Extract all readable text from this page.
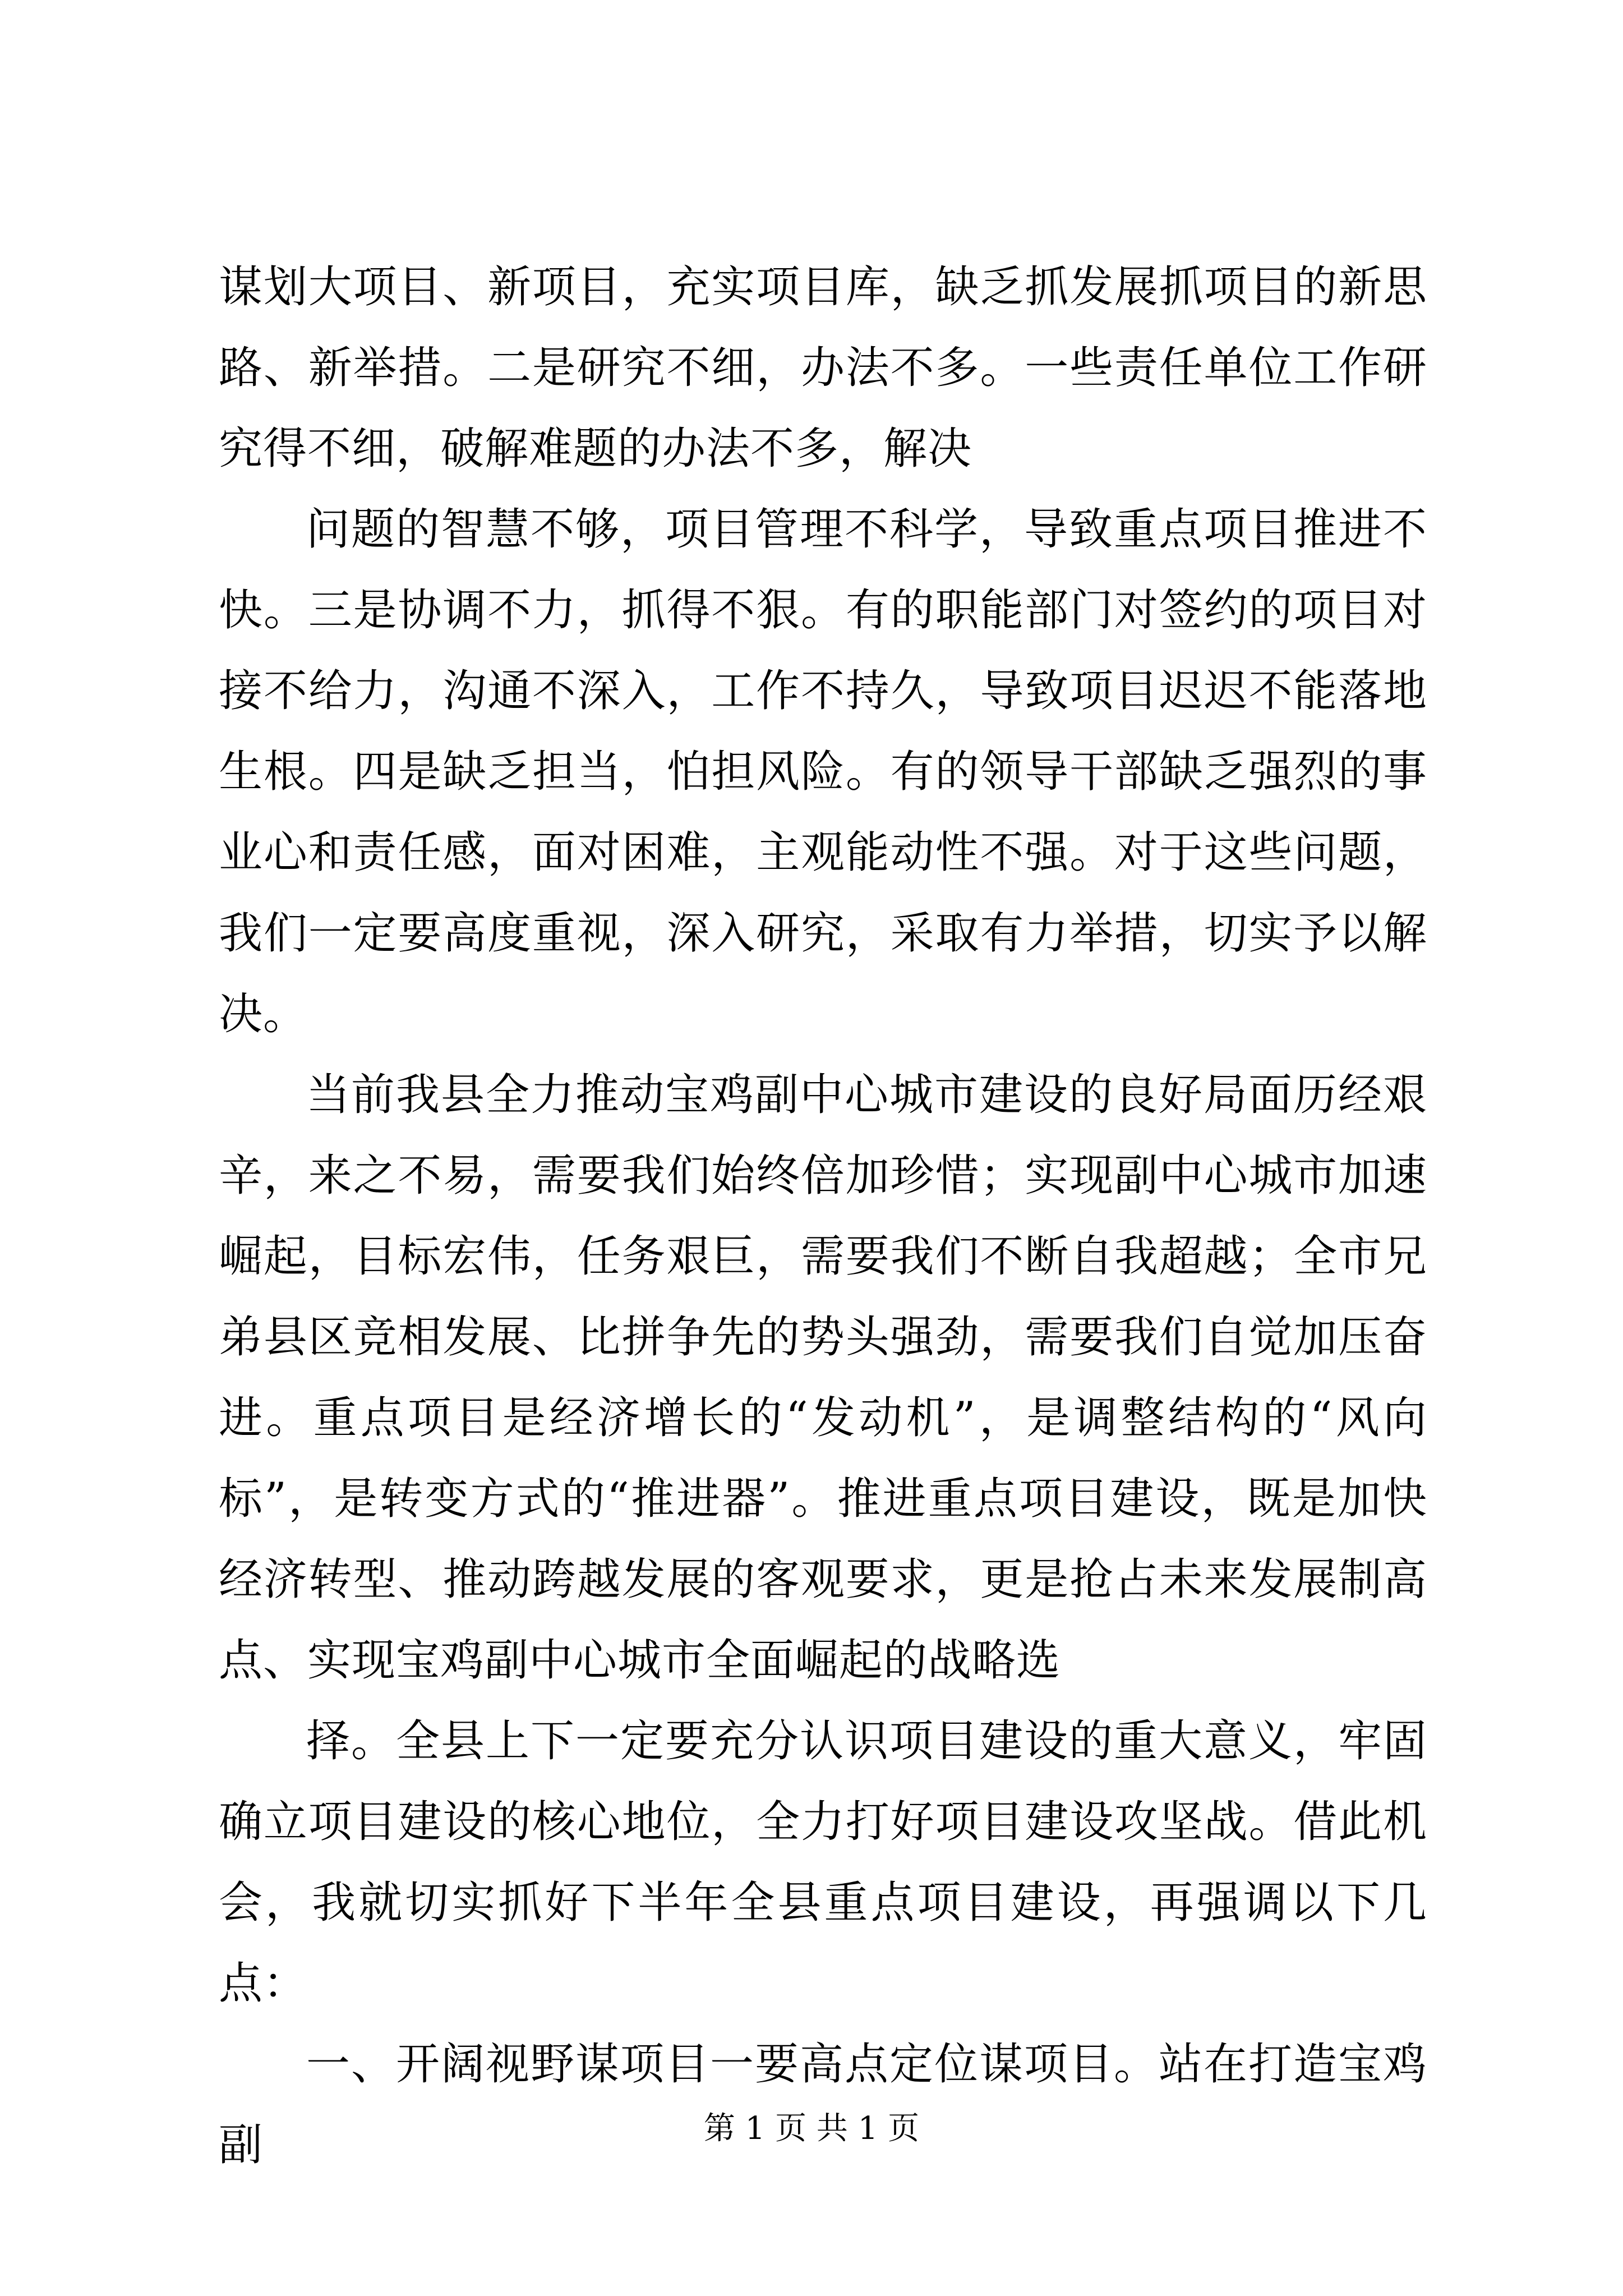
谋划大项目、新项目，充实项目库，缺乏抓发展抓项目的新思路、新举措。二是研究不细，办法不多。一些责任单位工作研究得不细，破解难题的办法不多，解决

问题的智慧不够，项目管理不科学，导致重点项目推进不快。三是协调不力，抓得不狠。有的职能部门对签约的项目对接不给力，沟通不深入，工作不持久，导致项目迟迟不能落地生根。四是缺乏担当，怕担风险。有的领导干部缺乏强烈的事业心和责任感，面对困难，主观能动性不强。对于这些问题，我们一定要高度重视，深入研究，采取有力举措，切实予以解决。

当前我县全力推动宝鸡副中心城市建设的良好局面历经艰辛，来之不易，需要我们始终倍加珍惜；实现副中心城市加速崛起，目标宏伟，任务艰巨，需要我们不断自我超越；全市兄弟县区竞相发展、比拼争先的势头强劲，需要我们自觉加压奋进。重点项目是经济增长的“发动机”，是调整结构的“风向标”，是转变方式的“推进器”。推进重点项目建设，既是加快经济转型、推动跨越发展的客观要求，更是抢占未来发展制高点、实现宝鸡副中心城市全面崛起的战略选

择。全县上下一定要充分认识项目建设的重大意义，牢固确立项目建设的核心地位，全力打好项目建设攻坚战。借此机会，我就切实抓好下半年全县重点项目建设，再强调以下几点：

一、开阔视野谋项目一要高点定位谋项目。站在打造宝鸡副	第 1 页 共 1 页
